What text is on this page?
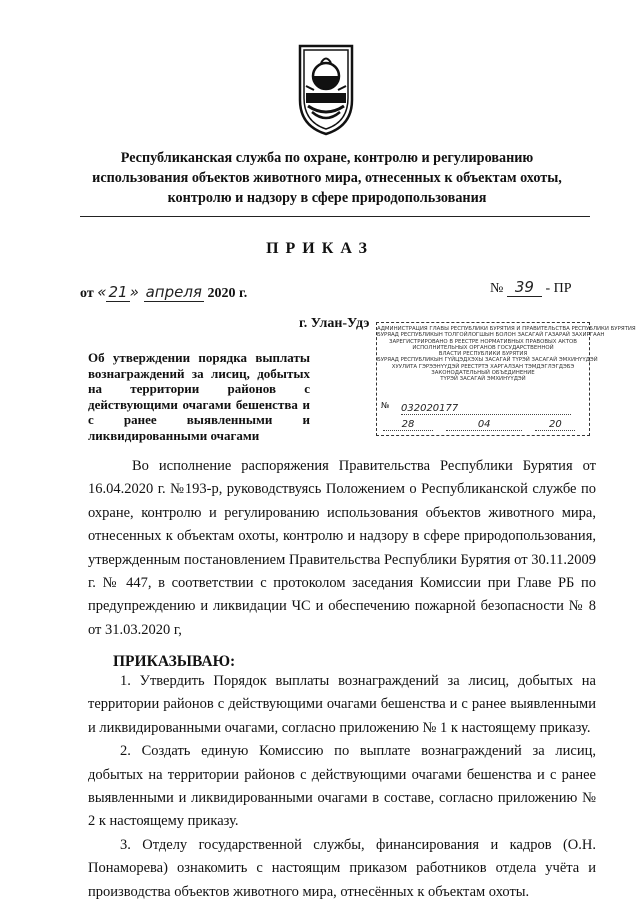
Республиканская служба по охране, контролю и регулированию использования объектов животного мира, отнесенных к объектам охоты, контролю и надзору в сфере природопользования
ПРИКАЗ
от « 21 » апреля 2020 г.	№ 39 - ПР
г. Улан-Удэ АДМИНИСТРАЦИЯ ГЛАВЫ РЕСПУБЛИКИ БУРЯТИЯ И ПРАВИТЕЛЬСТВА РЕСПУБЛИКИ БУРЯТИЯ
БУРЯАД РЕСПУБЛИКЫН ТОЛГОЙЛОГШЫН БОЛОН ЗАСАГАЙ ГАЗАРАЙ ЗАХИРГААН
ЗАРЕГИСТРИРОВАНО В РЕЕСТРЕ НОРМАТИВНЫХ ПРАВОВЫХ АКТОВ
ИСПОЛНИТЕЛЬНЫХ ОРГАНОВ ГОСУДАРСТВЕННОЙ
ВЛАСТИ РЕСПУБЛИКИ БУРЯТИЯ
БУРЯАД РЕСПУБЛИКЫН ГҮЙЦЭДХЭХЫ ЗАСАГАЙ ТҮРЭЙ ЗАСАГАЙ ЭМХИНҮҮДЭЙ
ХУУЛИТА ГЭРЭЭНҮҮДЭЙ РЕЕСТРТЭ ХАРГАЛЗАН ТЭМДЭГЛЭГДЭБЭ
ЗАКОНОДАТЕЛЬНЫЙ ОБЪЕДИНЕНИЕ
ТҮРЭЙ ЗАСАГАЙ ЭМХИНҮҮДЭЙ
№ 032020177
28	04	20
Об утверждении порядка выплаты вознаграждений за лисиц, добытых на территории районов с действующими очагами бешенства и с ранее выявленными и ликвидированными очагами
Во исполнение распоряжения Правительства Республики Бурятия от 16.04.2020 г. №193-р, руководствуясь Положением о Республиканской службе по охране, контролю и регулированию использования объектов животного мира, отнесенных к объектам охоты, контролю и надзору в сфере природопользования, утвержденным постановлением Правительства Республики Бурятия от 30.11.2009 г. № 447, в соответствии с протоколом заседания Комиссии при Главе РБ по предупреждению и ликвидации ЧС и обеспечению пожарной безопасности № 8 от 31.03.2020 г,
ПРИКАЗЫВАЮ:

1. Утвердить Порядок выплаты вознаграждений за лисиц, добытых на территории районов с действующими очагами бешенства и с ранее выявленными и ликвидированными очагами, согласно приложению № 1 к настоящему приказу.

2. Создать единую Комиссию по выплате вознаграждений за лисиц, добытых на территории районов с действующими очагами бешенства и с ранее выявленными и ликвидированными очагами в составе, согласно приложению № 2 к настоящему приказу.

3. Отделу государственной службы, финансирования и кадров (О.Н. Понаморева) ознакомить с настоящим приказом работников отдела учёта и производства объектов животного мира, отнесённых к объектам охоты.
